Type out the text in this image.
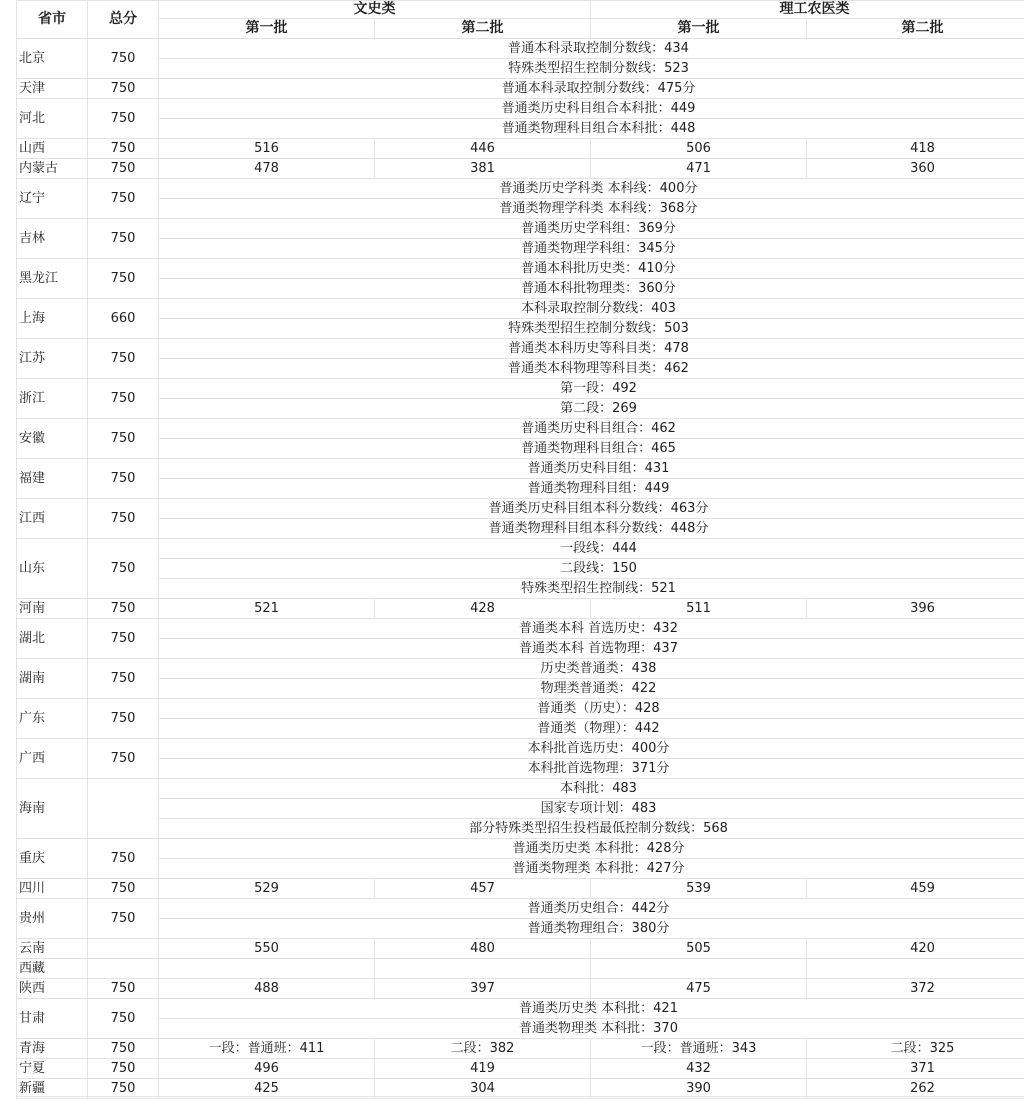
省市	总分	文史类		理工农医类	
		第一批	第二批	第一批	第二批
北京	750	普通本科录取控制分数线：434			
		特殊类型招生控制分数线：523			
天津	750	普通本科录取控制分数线：475分			
河北	750	普通类历史科目组合本科批：449			
		普通类物理科目组合本科批：448			
山西	750	516	446	506	418
内蒙古	750	478	381	471	360
辽宁	750	普通类历史学科类 本科线：400分			
		普通类物理学科类 本科线：368分			
吉林	750	普通类历史学科组：369分			
		普通类物理学科组：345分			
黑龙江	750	普通本科批历史类：410分			
		普通本科批物理类：360分			
上海	660	本科录取控制分数线：403			
		特殊类型招生控制分数线：503			
江苏	750	普通类本科历史等科目类：478			
		普通类本科物理等科目类：462			
浙江	750	第一段：492			
		第二段：269			
安徽	750	普通类历史科目组合：462			
		普通类物理科目组合：465			
福建	750	普通类历史科目组：431			
		普通类物理科目组：449			
江西	750	普通类历史科目组本科分数线：463分			
		普通类物理科目组本科分数线：448分			
山东	750	一段线：444			
		二段线：150			
		特殊类型招生控制线：521			
河南	750	521	428	511	396
湖北	750	普通类本科 首选历史：432			
		普通类本科 首选物理：437			
湖南	750	历史类普通类：438			
		物理类普通类：422			
广东	750	普通类（历史）：428			
		普通类（物理）：442			
广西	750	本科批首选历史：400分			
		本科批首选物理：371分			
海南		本科批：483			
		国家专项计划：483			
		部分特殊类型招生投档最低控制分数线：568			
重庆	750	普通类历史类 本科批：428分			
		普通类物理类 本科批：427分			
四川	750	529	457	539	459
贵州	750	普通类历史组合：442分			
		普通类物理组合：380分			
云南		550	480	505	420
西藏					
陕西	750	488	397	475	372
甘肃	750	普通类历史类 本科批：421			
		普通类物理类 本科批：370			
青海	750	一段：普通班：411	二段：382	一段：普通班：343	二段：325
宁夏	750	496	419	432	371
新疆	750	425	304	390	262
